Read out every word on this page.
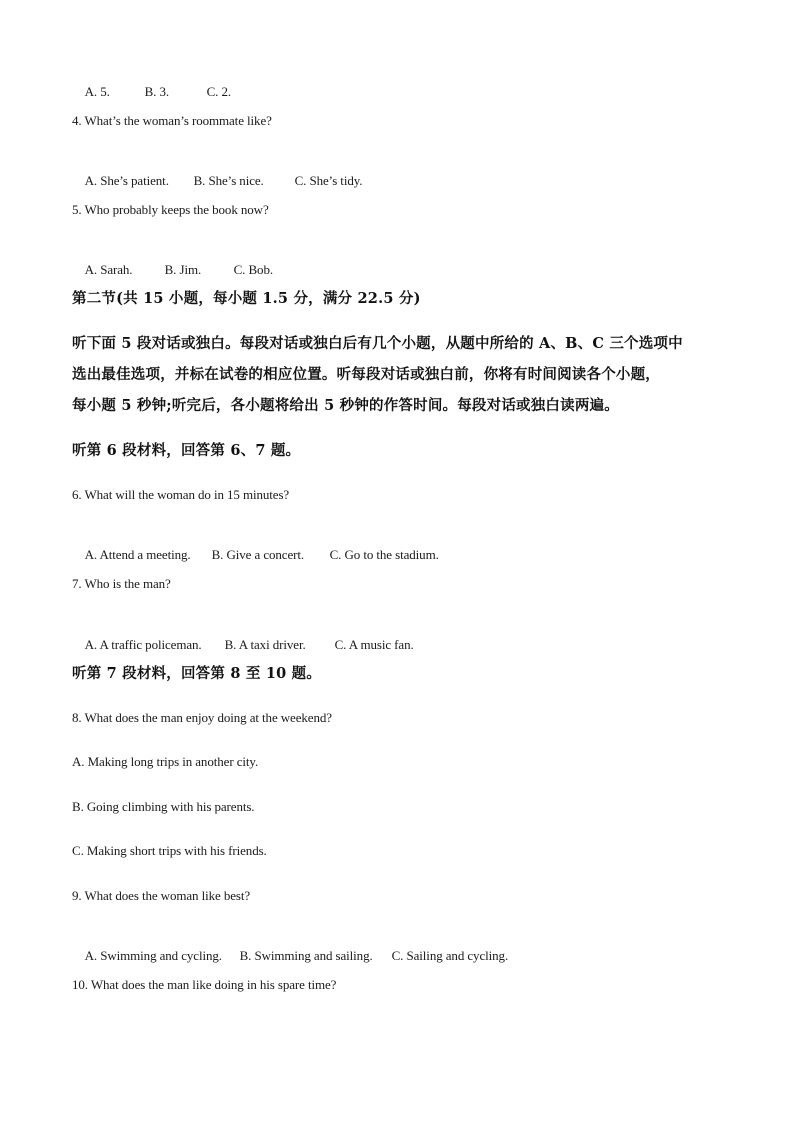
A. 5.	B. 3.	C. 2.

4. What’s the woman’s roommate like?

A. She’s patient. B. She’s nice. C. She’s tidy.

5. Who probably keeps the book now?

A. Sarah. B. Jim. C. Bob.

第二节(共 15 小题，每小题 1.5 分，满分 22.5 分)
听下面 5 段对话或独白。每段对话或独白后有几个小题，从题中所给的 A、B、C 三个选项中
选出最佳选项，并标在试卷的相应位置。听每段对话或独白前，你将有时间阅读各个小题，
每小题 5 秒钟;听完后，各小题将给出 5 秒钟的作答时间。每段对话或独白读两遍。
听第 6 段材料，回答第 6、7 题。
6. What will the woman do in 15 minutes?

A. Attend a meeting. B. Give a concert. C. Go to the stadium.

7. Who is the man?

A. A traffic policeman. B. A taxi driver. C. A music fan.

听第 7 段材料，回答第 8 至 10 题。
8. What does the man enjoy doing at the weekend?
A. Making long trips in another city.
B. Going climbing with his parents.
C. Making short trips with his friends.
9. What does the woman like best?

A. Swimming and cycling. B. Swimming and sailing. C. Sailing and cycling.

10. What does the man like doing in his spare time?
